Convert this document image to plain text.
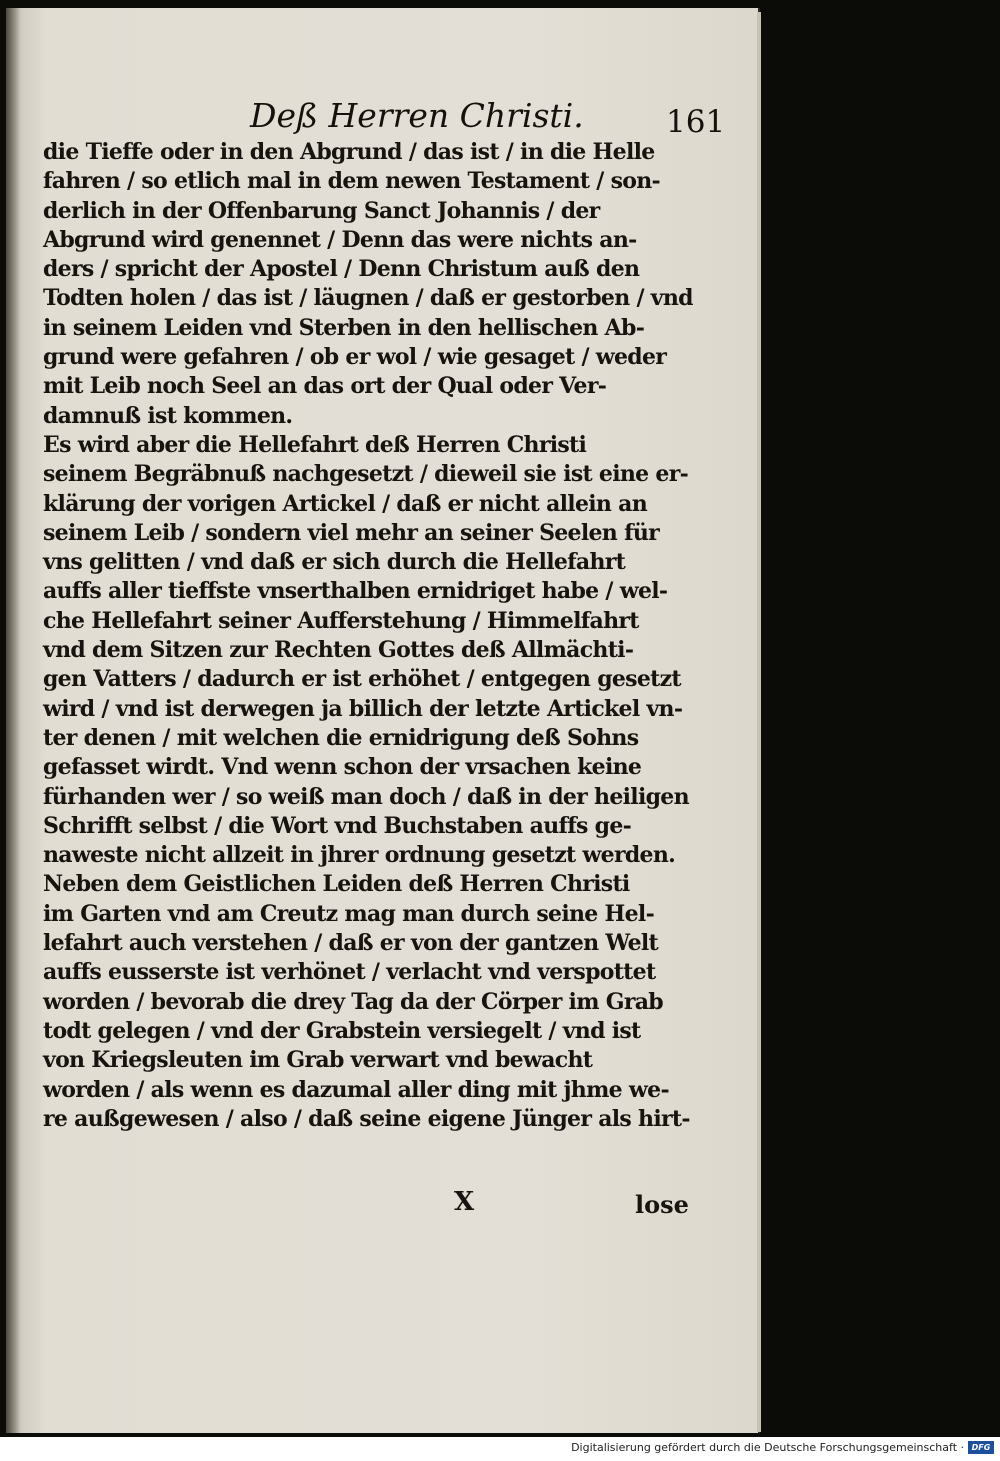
Deß Herren Christi.	161
die Tieffe oder in den Abgrund / das ist / in die Helle
fahren / so etlich mal in dem newen Testament / son-
derlich in der Offenbarung Sanct Johannis / der
Abgrund wird genennet / Denn das were nichts an-
ders / spricht der Apostel / Denn Christum auß den
Todten holen / das ist / läugnen / daß er gestorben / vnd
in seinem Leiden vnd Sterben in den hellischen Ab-
grund were gefahren / ob er wol / wie gesaget / weder
mit Leib noch Seel an das ort der Qual oder Ver-
damnuß ist kommen.
Es wird aber die Hellefahrt deß Herren Christi
seinem Begräbnuß nachgesetzt / dieweil sie ist eine er-
klärung der vorigen Artickel / daß er nicht allein an
seinem Leib / sondern viel mehr an seiner Seelen für
vns gelitten / vnd daß er sich durch die Hellefahrt
auffs aller tieffste vnserthalben ernidriget habe / wel-
che Hellefahrt seiner Aufferstehung / Himmelfahrt
vnd dem Sitzen zur Rechten Gottes deß Allmächti-
gen Vatters / dadurch er ist erhöhet / entgegen gesetzt
wird / vnd ist derwegen ja billich der letzte Artickel vn-
ter denen / mit welchen die ernidrigung deß Sohns
gefasset wirdt. Vnd wenn schon der vrsachen keine
fürhanden wer / so weiß man doch / daß in der heiligen
Schrifft selbst / die Wort vnd Buchstaben auffs ge-
naweste nicht allzeit in jhrer ordnung gesetzt werden.
Neben dem Geistlichen Leiden deß Herren Christi
im Garten vnd am Creutz mag man durch seine Hel-
lefahrt auch verstehen / daß er von der gantzen Welt
auffs eusserste ist verhönet / verlacht vnd verspottet
worden / bevorab die drey Tag da der Cörper im Grab
todt gelegen / vnd der Grabstein versiegelt / vnd ist
von Kriegsleuten im Grab verwart vnd bewacht
worden / als wenn es dazumal aller ding mit jhme we-
re außgewesen / also / daß seine eigene Jünger als hirt-
X	lose
Digitalisierung gefördert durch die Deutsche Forschungsgemeinschaft · DFG
